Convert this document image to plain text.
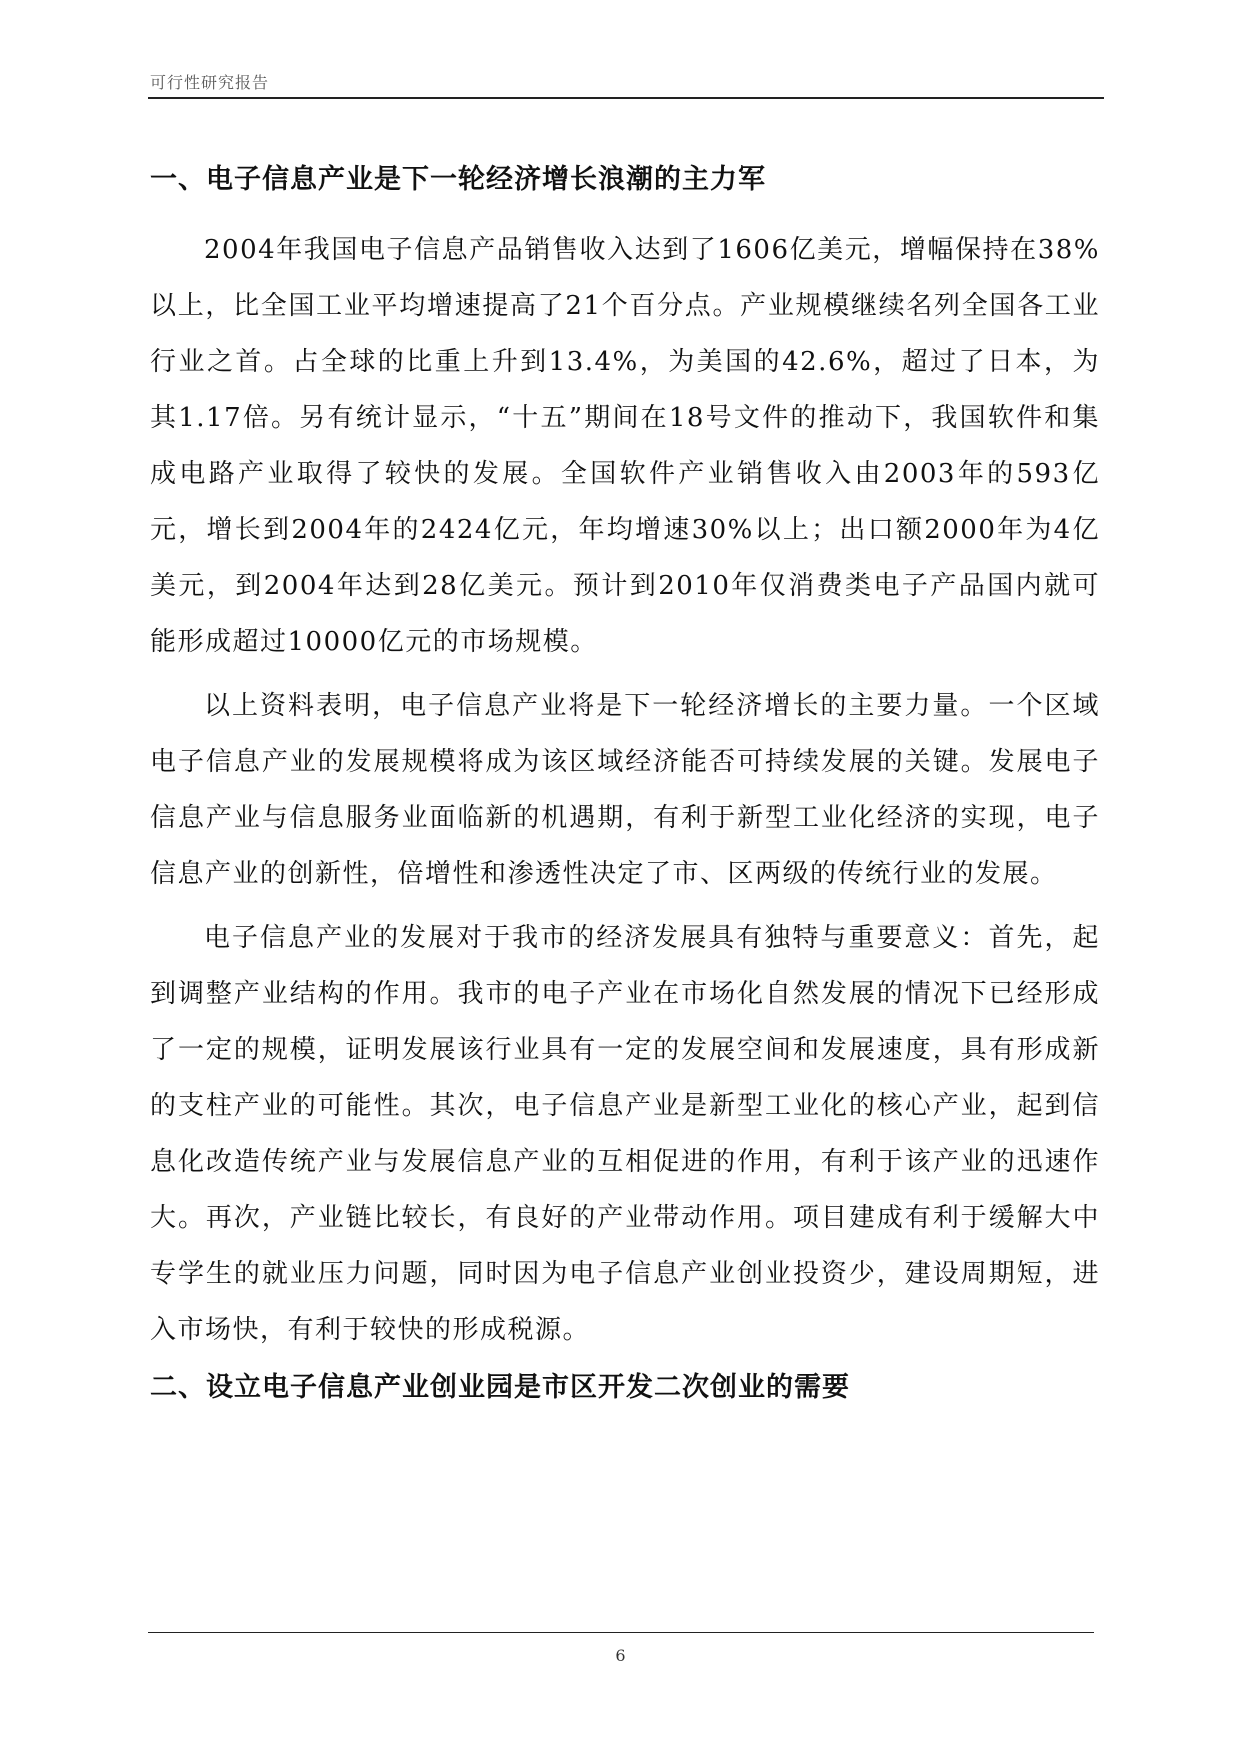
可行性研究报告
一、电子信息产业是下一轮经济增长浪潮的主力军

2004年我国电子信息产品销售收入达到了1606亿美元，增幅保持在38% 以上，比全国工业平均增速提高了21个百分点。产业规模继续名列全国各工业行业之首。占全球的比重上升到13.4%，为美国的42.6%，超过了日本，为其1.17倍。另有统计显示，“十五”期间在18号文件的推动下，我国软件和集成电路产业取得了较快的发展。全国软件产业销售收入由2003年的593亿元，增长到2004年的2424亿元，年均增速30%以上；出口额2000年为4亿美元，到2004年达到28亿美元。预计到2010年仅消费类电子产品国内就可能形成超过10000亿元的市场规模。

以上资料表明，电子信息产业将是下一轮经济增长的主要力量。一个区域电子信息产业的发展规模将成为该区域经济能否可持续发展的关键。发展电子信息产业与信息服务业面临新的机遇期，有利于新型工业化经济的实现，电子信息产业的创新性，倍增性和渗透性决定了市、区两级的传统行业的发展。

电子信息产业的发展对于我市的经济发展具有独特与重要意义：首先，起到调整产业结构的作用。我市的电子产业在市场化自然发展的情况下已经形成了一定的规模，证明发展该行业具有一定的发展空间和发展速度，具有形成新的支柱产业的可能性。其次，电子信息产业是新型工业化的核心产业，起到信息化改造传统产业与发展信息产业的互相促进的作用，有利于该产业的迅速作大。再次，产业链比较长，有良好的产业带动作用。项目建成有利于缓解大中专学生的就业压力问题，同时因为电子信息产业创业投资少，建设周期短，进入市场快，有利于较快的形成税源。

二、设立电子信息产业创业园是市区开发二次创业的需要
6
